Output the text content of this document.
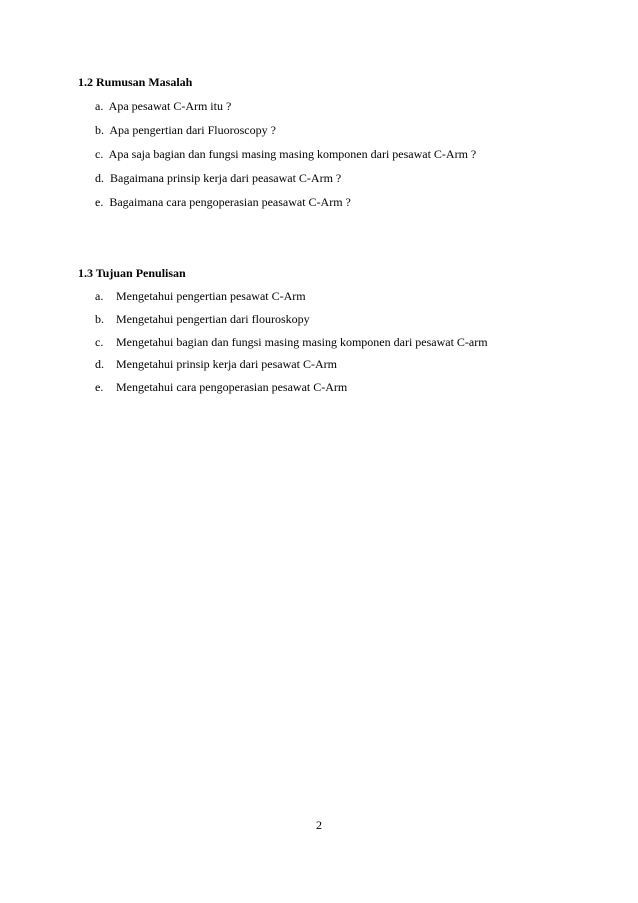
1.2 Rumusan Masalah
a. Apa pesawat C-Arm itu ?
b. Apa pengertian dari Fluoroscopy ?
c. Apa saja bagian dan fungsi masing masing komponen dari pesawat C-Arm ?
d. Bagaimana prinsip kerja dari peasawat C-Arm ?
e. Bagaimana cara pengoperasian peasawat C-Arm ?
1.3 Tujuan Penulisan
a. Mengetahui pengertian pesawat C-Arm
b. Mengetahui pengertian dari flouroskopy
c. Mengetahui bagian dan fungsi masing masing komponen dari pesawat C-arm
d. Mengetahui prinsip kerja dari pesawat C-Arm
e. Mengetahui cara pengoperasian pesawat C-Arm
2
